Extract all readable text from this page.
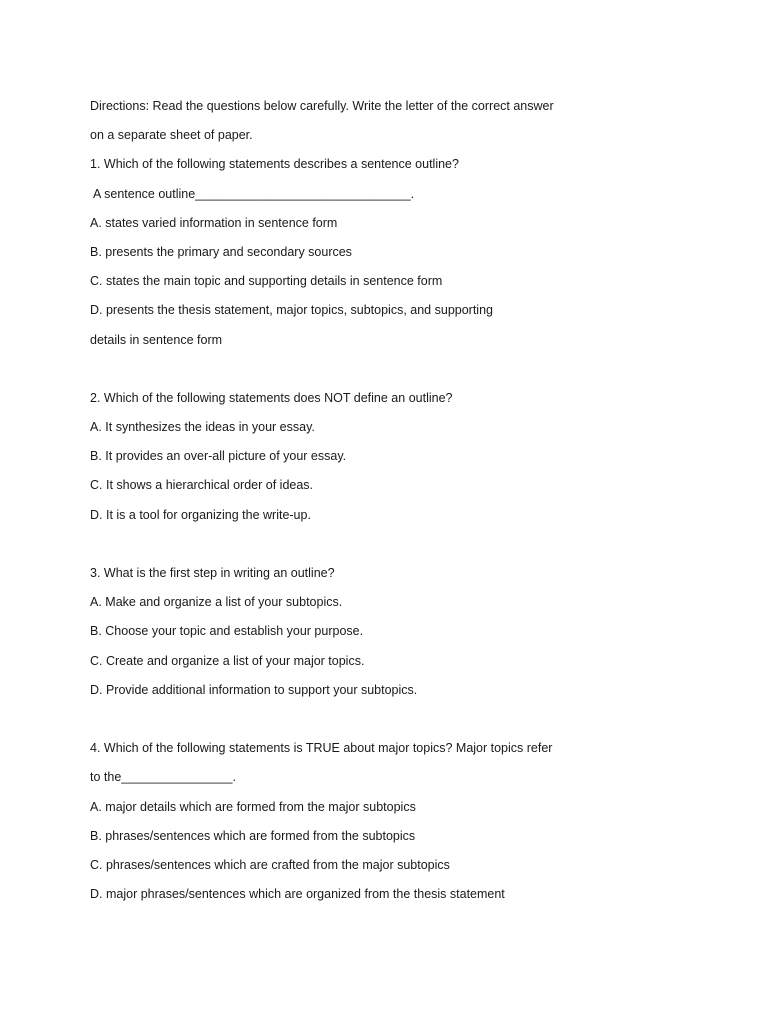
Directions: Read the questions below carefully. Write the letter of the correct answer
on a separate sheet of paper.
1. Which of the following statements describes a sentence outline?
A sentence outline_______________________________.
A. states varied information in sentence form
B. presents the primary and secondary sources
C. states the main topic and supporting details in sentence form
D. presents the thesis statement, major topics, subtopics, and supporting
details in sentence form
2. Which of the following statements does NOT define an outline?
A. It synthesizes the ideas in your essay.
B. It provides an over-all picture of your essay.
C. It shows a hierarchical order of ideas.
D. It is a tool for organizing the write-up.
3. What is the first step in writing an outline?
A. Make and organize a list of your subtopics.
B. Choose your topic and establish your purpose.
C. Create and organize a list of your major topics.
D. Provide additional information to support your subtopics.
4. Which of the following statements is TRUE about major topics? Major topics refer
to the________________.
A. major details which are formed from the major subtopics
B. phrases/sentences which are formed from the subtopics
C. phrases/sentences which are crafted from the major subtopics
D. major phrases/sentences which are organized from the thesis statement
